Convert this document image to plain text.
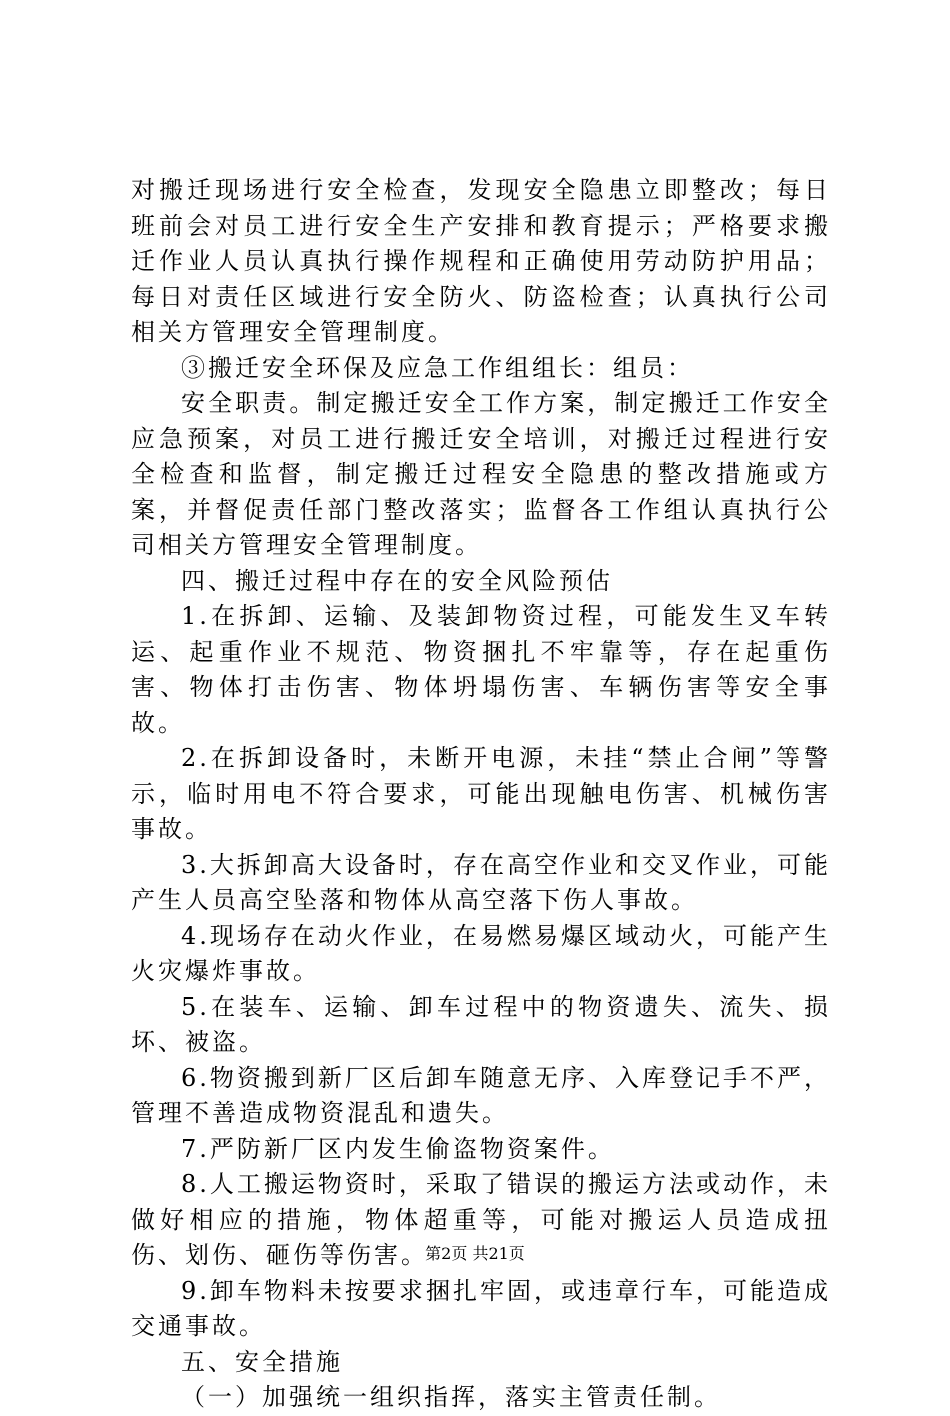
对搬迁现场进行安全检查，发现安全隐患立即整改；每日班前会对员工进行安全生产安排和教育提示；严格要求搬迁作业人员认真执行操作规程和正确使用劳动防护用品；每日对责任区域进行安全防火、防盗检查；认真执行公司相关方管理安全管理制度。

③搬迁安全环保及应急工作组组长：组员：

安全职责。制定搬迁安全工作方案，制定搬迁工作安全应急预案，对员工进行搬迁安全培训，对搬迁过程进行安全检查和监督，制定搬迁过程安全隐患的整改措施或方案，并督促责任部门整改落实；监督各工作组认真执行公司相关方管理安全管理制度。

四、搬迁过程中存在的安全风险预估

1.在拆卸、运输、及装卸物资过程，可能发生叉车转运、起重作业不规范、物资捆扎不牢靠等，存在起重伤害、物体打击伤害、物体坍塌伤害、车辆伤害等安全事故。

2.在拆卸设备时，未断开电源，未挂“禁止合闸”等警示，临时用电不符合要求，可能出现触电伤害、机械伤害事故。

3.大拆卸高大设备时，存在高空作业和交叉作业，可能产生人员高空坠落和物体从高空落下伤人事故。

4.现场存在动火作业，在易燃易爆区域动火，可能产生火灾爆炸事故。

5.在装车、运输、卸车过程中的物资遗失、流失、损坏、被盗。

6.物资搬到新厂区后卸车随意无序、入库登记手不严，管理不善造成物资混乱和遗失。

7.严防新厂区内发生偷盗物资案件。

8.人工搬运物资时，采取了错误的搬运方法或动作，未做好相应的措施，物体超重等，可能对搬运人员造成扭伤、划伤、砸伤等伤害。

9.卸车物料未按要求捆扎牢固，或违章行车，可能造成交通事故。

五、安全措施

（一）加强统一组织指挥，落实主管责任制。

第2页 共21页
